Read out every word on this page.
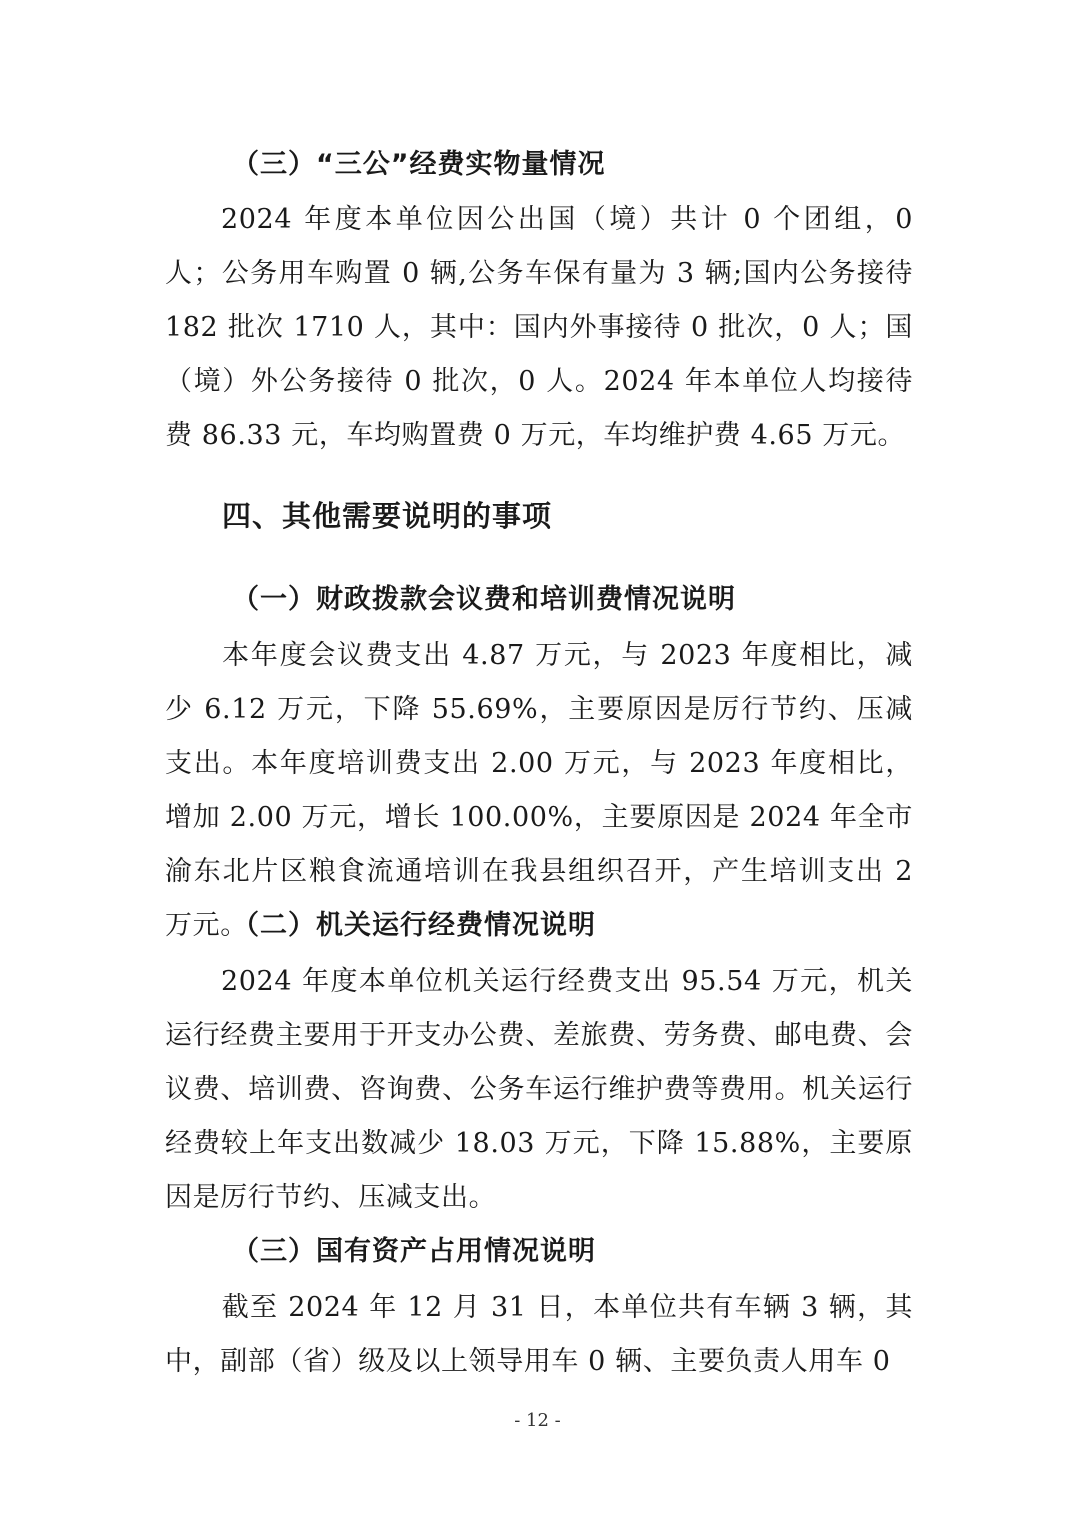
（三）“三公”经费实物量情况
2024 年度本单位因公出国（境）共计 0 个团组，0 人；公务用车购置 0 辆,公务车保有量为 3 辆;国内公务接待 182 批次 1710 人，其中：国内外事接待 0 批次，0 人；国（境）外公务接待 0 批次，0 人。2024 年本单位人均接待费 86.33 元，车均购置费 0 万元，车均维护费 4.65 万元。
四、其他需要说明的事项
（一）财政拨款会议费和培训费情况说明
本年度会议费支出 4.87 万元，与 2023 年度相比，减少 6.12 万元，下降 55.69%，主要原因是厉行节约、压减支出。本年度培训费支出 2.00 万元，与 2023 年度相比，增加 2.00 万元，增长 100.00%，主要原因是 2024 年全市渝东北片区粮食流通培训在我县组织召开，产生培训支出 2 万元。
（二）机关运行经费情况说明
2024 年度本单位机关运行经费支出 95.54 万元，机关运行经费主要用于开支办公费、差旅费、劳务费、邮电费、会议费、培训费、咨询费、公务车运行维护费等费用。机关运行经费较上年支出数减少 18.03 万元，下降 15.88%，主要原因是厉行节约、压减支出。
（三）国有资产占用情况说明
截至 2024 年 12 月 31 日，本单位共有车辆 3 辆，其中，副部（省）级及以上领导用车 0 辆、主要负责人用车 0
- 12 -
